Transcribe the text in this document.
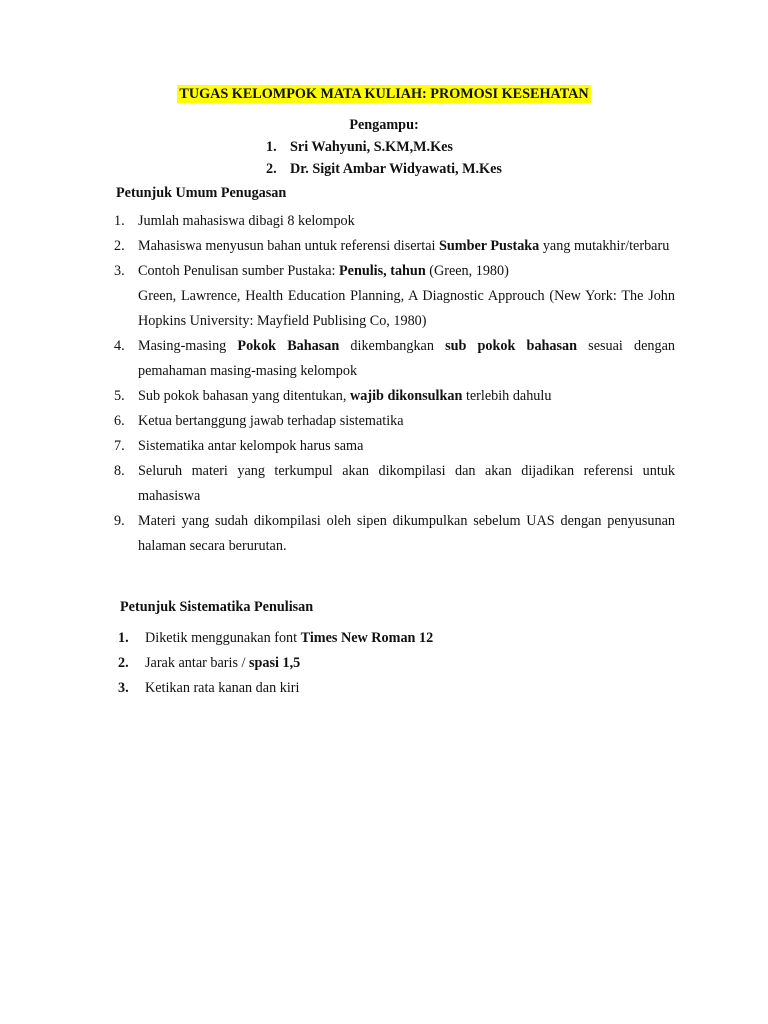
TUGAS KELOMPOK MATA KULIAH: PROMOSI KESEHATAN
Pengampu:
1. Sri Wahyuni, S.KM,M.Kes
2. Dr. Sigit Ambar Widyawati, M.Kes
Petunjuk Umum Penugasan
1. Jumlah mahasiswa dibagi 8 kelompok
2. Mahasiswa menyusun bahan untuk referensi disertai Sumber Pustaka yang mutakhir/terbaru
3. Contoh Penulisan sumber Pustaka: Penulis, tahun (Green, 1980)
Green, Lawrence, Health Education Planning, A Diagnostic Approuch (New York: The John Hopkins University: Mayfield Publising Co, 1980)
4. Masing-masing Pokok Bahasan dikembangkan sub pokok bahasan sesuai dengan pemahaman masing-masing kelompok
5. Sub pokok bahasan yang ditentukan, wajib dikonsulkan terlebih dahulu
6. Ketua bertanggung jawab terhadap sistematika
7. Sistematika antar kelompok harus sama
8. Seluruh materi yang terkumpul akan dikompilasi dan akan dijadikan referensi untuk mahasiswa
9. Materi yang sudah dikompilasi oleh sipen dikumpulkan sebelum UAS dengan penyusunan halaman secara berurutan.
Petunjuk Sistematika Penulisan
1. Diketik menggunakan font Times New Roman 12
2. Jarak antar baris / spasi 1,5
3. Ketikan rata kanan dan kiri
